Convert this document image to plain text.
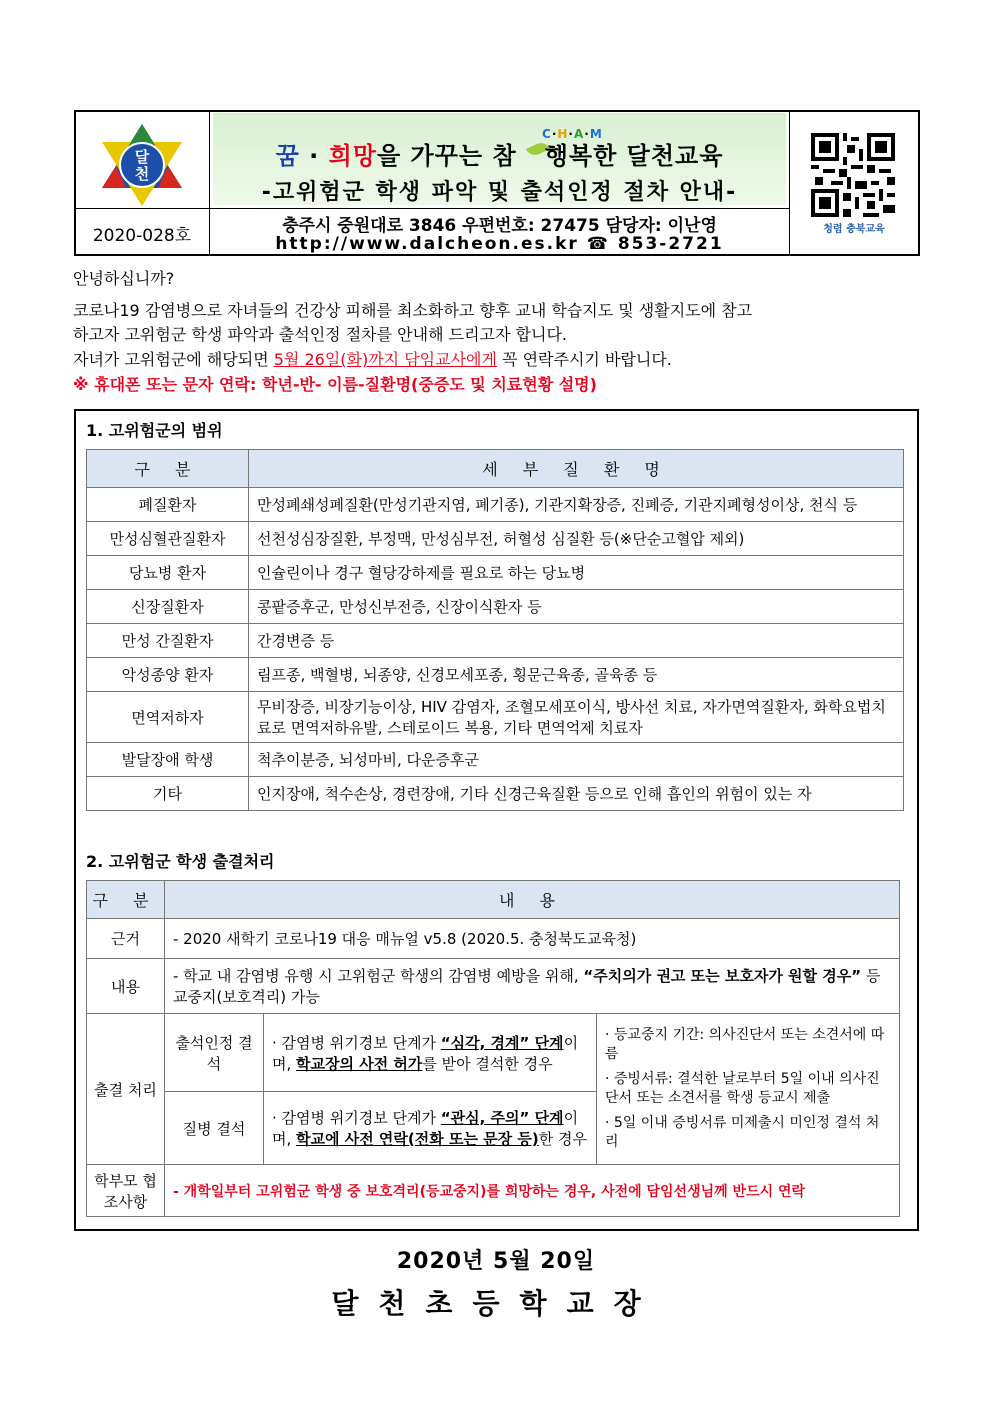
달
천
C·H·A·M
꿈 · 희망을 가꾸는 참 행복한 달천교육
-고위험군 학생 파악 및 출석인정 절차 안내-
2020-028호	충주시 중원대로 3846 우편번호: 27475 담당자: 이난영
http://www.dalcheon.es.kr ☎ 853-2721
청렴 충북교육
안녕하십니까?
코로나19 감염병으로 자녀들의 건강상 피해를 최소화하고 향후 교내 학습지도 및 생활지도에 참고
하고자 고위험군 학생 파악과 출석인정 절차를 안내해 드리고자 합니다.
자녀가 고위험군에 해당되면 5월 26일(화)까지 담임교사에게 꼭 연락주시기 바랍니다.
※ 휴대폰 또는 문자 연락: 학년-반- 이름-질환명(중증도 및 치료현황 설명)
1. 고위험군의 범위
구 분	세 부 질 환 명
폐질환자	만성폐쇄성폐질환(만성기관지염, 폐기종), 기관지확장증, 진폐증, 기관지폐형성이상, 천식 등
만성심혈관질환자	선천성심장질환, 부정맥, 만성심부전, 허혈성 심질환 등(※단순고혈압 제외)
당뇨병 환자	인슐린이나 경구 혈당강하제를 필요로 하는 당뇨병
신장질환자	콩팥증후군, 만성신부전증, 신장이식환자 등
만성 간질환자	간경변증 등
악성종양 환자	림프종, 백혈병, 뇌종양, 신경모세포종, 횡문근육종, 골육종 등
면역저하자	무비장증, 비장기능이상, HIV 감염자, 조혈모세포이식, 방사선 치료, 자가면역질환자, 화학요법치료로 면역저하유발, 스테로이드 복용, 기타 면역억제 치료자
발달장애 학생	척추이분증, 뇌성마비, 다운증후군
기타	인지장애, 척수손상, 경련장애, 기타 신경근육질환 등으로 인해 흡인의 위험이 있는 자
2. 고위험군 학생 출결처리
구 분	내 용		
근거	- 2020 새학기 코로나19 대응 매뉴얼 v5.8 (2020.5. 충청북도교육청)		
내용	- 학교 내 감염병 유행 시 고위험군 학생의 감염병 예방을 위해, “주치의가 권고 또는 보호자가 원할 경우” 등교중지(보호격리) 가능		
출결 처리	출석인정 결석	· 감염병 위기경보 단계가 “심각, 경계” 단계이며, 학교장의 사전 허가를 받아 결석한 경우	· 등교중지 기간: 의사진단서 또는 소견서에 따름
· 증빙서류: 결석한 날로부터 5일 이내 의사진단서 또는 소견서를 학생 등교시 제출
· 5일 이내 증빙서류 미제출시 미인정 결석 처리

	질병 결석	· 감염병 위기경보 단계가 “관심, 주의” 단계이며, 학교에 사전 연락(전화 또는 문장 등)한 경우	
학부모 협조사항	- 개학일부터 고위험군 학생 중 보호격리(등교중지)를 희망하는 경우, 사전에 담임선생님께 반드시 연락		
2020년 5월 20일
달천초등학교장
